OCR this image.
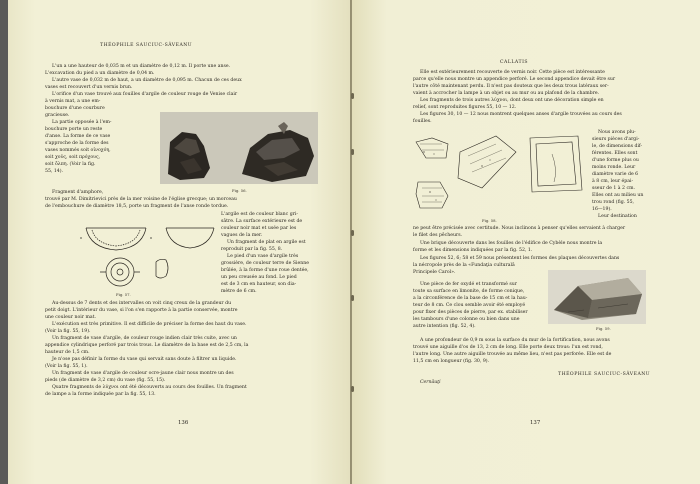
THÉOPHILE SAUCIUC-SÂVEANU

L'un a une hauteur de 0,035 m et un diamètre de 0,12 m. Il porte une anse.

L'excavation du pied a un diamètre de 0,04 m.

L'autre vase de 0,032 m de haut, a un diamètre de 0,095 m. Chacun de ces deux

vases est recouvert d'un vernis brun.

L'orifice d'un vase trouvé aux fouilles d'argile de couleur rouge de Venise clair

à vernis mat, a une em-

bouchure d'une courbure

gracieuse.

La partie opposée à l'em-

bouchure porte un reste

d'anse. La forme de ce vase

s'approche de la forme des

vases nommés soit οἰνοχόη,

soit χοῦς, soit πρόχους,

soit ὄλπη. (Voir la fig.

55, 14).

Fig. 56.

Fragment d'amphore,

trouvé par M. Dimitrievici près de la mer voisine de l'église grecque; un morceau

de l'embouchure de diamètre 18,5, porte un fragment de l'anse ronde tordue.

Fig. 57.

L'argile est de couleur blanc gri-

sâtre. La surface extérieure est de

couleur noir mat et usée par les

vagues de la mer.

Un fragment de plat en argile est

reproduit par la fig. 55, 8.

Le pied d'un vase d'argile très

grossière, de couleur terre de Sienne

brûlée, à la forme d'une roue dentée,

un peu creusée au fond. Le pied

est de 3 cm en hauteur, son dia-

mètre de 6 cm.

Au-dessus de 7 dents et des intervalles on voit cinq creux de la grandeur du

petit doigt. L'intérieur du vase, si l'on s'en rapporte à la partie conservée, montre

une couleur noir mat.

L'exécution est très primitive. Il est difficile de préciser la forme des haut du vase.

(Voir la fig. 55, 19).

Un fragment de vase d'argile, de couleur rouge indien clair très cuite, avec un

appendice cylindrique perforé par trois trous. Le diamètre de la base est de 2,5 cm, la

hauteur de 1,5 cm.

Je n'ose pas définir la forme du vase qui servait sans doute à filtrer un liquide.

(Voir la fig. 55, 1).

Un fragment de vase d'argile de couleur ocre-jaune clair nous montre un des

pieds (de diamètre de 3,2 cm) du vase (fig. 55, 15).

Quatre fragments de λύχνοι ont été découverts au cours des fouilles. Un fragment

de lampe a la forme indiquée par la fig. 55, 13.

136
CALLATIS

Elle est extérieurement recouverte de vernis noir. Cette pièce est intéressante

parce qu'elle nous montre un appendice perforé. Le second appendice devait être sur

l'autre côté maintenant perdu. Il n'est pas douteux que les deux trous latéraux ser-

vaient à accrocher la lampe à un objet ou au mur ou au plafond de la chambre.

Les fragments de trois autres λύχνοι, dont deux ont une décoration simple en

relief, sont reproduites figures 55, 10 — 12.

Les figures 30, 10 — 12 nous montrent quelques anses d'argile trouvées au cours des

fouilles.

Fig. 58.

Nous avons plu-

sieurs pièces d'argi-

le, de dimensions dif-

férentes. Elles sont

d'une forme plus ou

moins ronde. Leur

diamètre varie de 6

à 8 cm, leur épai-

sseur de 1 à 2 cm.

Elles ont au milieu un

trou rond (fig. 55,

16—19).

Leur destination

ne peut être précisée avec certitude. Nous inclinons à penser qu'elles servaient à charger

le filet des pêcheurs.

Une brique découverte dans les fouilles de l'édifice de Cybèle nous montre la

forme et les dimensions indiquées par la fig. 52, 1.

Les figures 52, 6; 58 et 59 nous présentent les formes des plaques découvertes dans

la nécropole près de la «Fundaţia culturală

Principele Carol».

Une pièce de fer oxydé et transformé sur

toute sa surface en limonite, de forme conique,

a la circonférence de la base de 15 cm et la hau-

teur de 8 cm. Ce clou semble avoir été employé

pour fixer des pièces de pierre, par ex. stabiliser

les tambours d'une colonne ou bien dans une

autre intention (fig. 52, 4).	Fig. 59.

A une profondeur de 0,9 m sous la surface du mur de la fortification, nous avons

trouvé une aiguille d'os de 13, 2 cm de long. Elle porte deux trous: l'un est rond,

l'autre long. Une autre aiguille trouvée au même lieu, n'est pas perforée. Elle est de

11,5 cm en longueur (fig. 30, 9).

THÉOPHILE SAUCIUC-SÂVEANU
Cernăuţi
137
